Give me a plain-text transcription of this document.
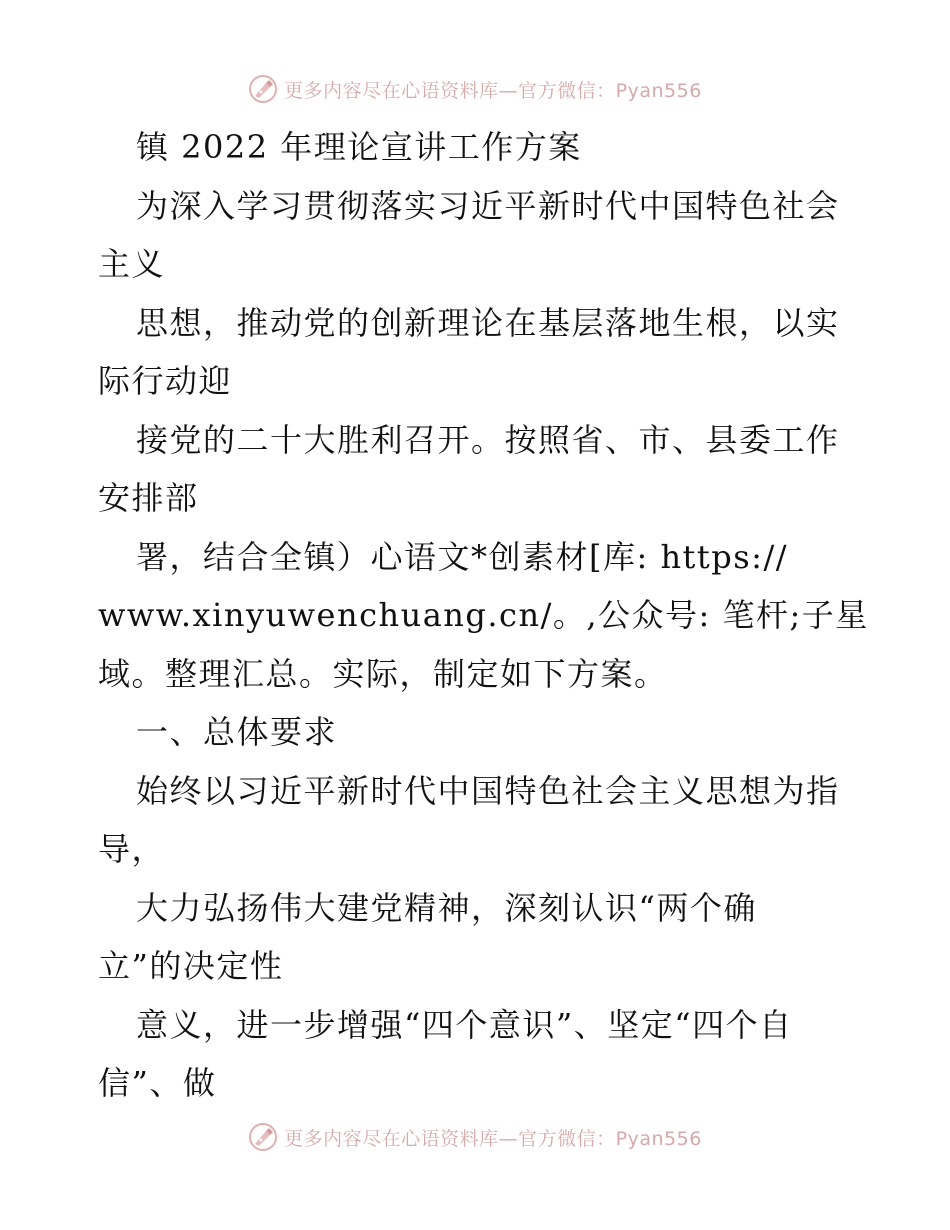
更多内容尽在心语资料库—官方微信：Pyan556
镇 2022 年理论宣讲工作方案
为深入学习贯彻落实习近平新时代中国特色社会
主义
思想，推动党的创新理论在基层落地生根，以实
际行动迎
接党的二十大胜利召开。按照省、市、县委工作
安排部
署，结合全镇）心语文*创素材[库: https://
www.xinyuwenchuang.cn/。,公众号: 笔杆;子星
域。整理汇总。实际，制定如下方案。
一、总体要求
始终以习近平新时代中国特色社会主义思想为指
导，
大力弘扬伟大建党精神，深刻认识“两个确
立”的决定性
意义，进一步增强“四个意识”、坚定“四个自
信”、做
更多内容尽在心语资料库—官方微信：Pyan556
